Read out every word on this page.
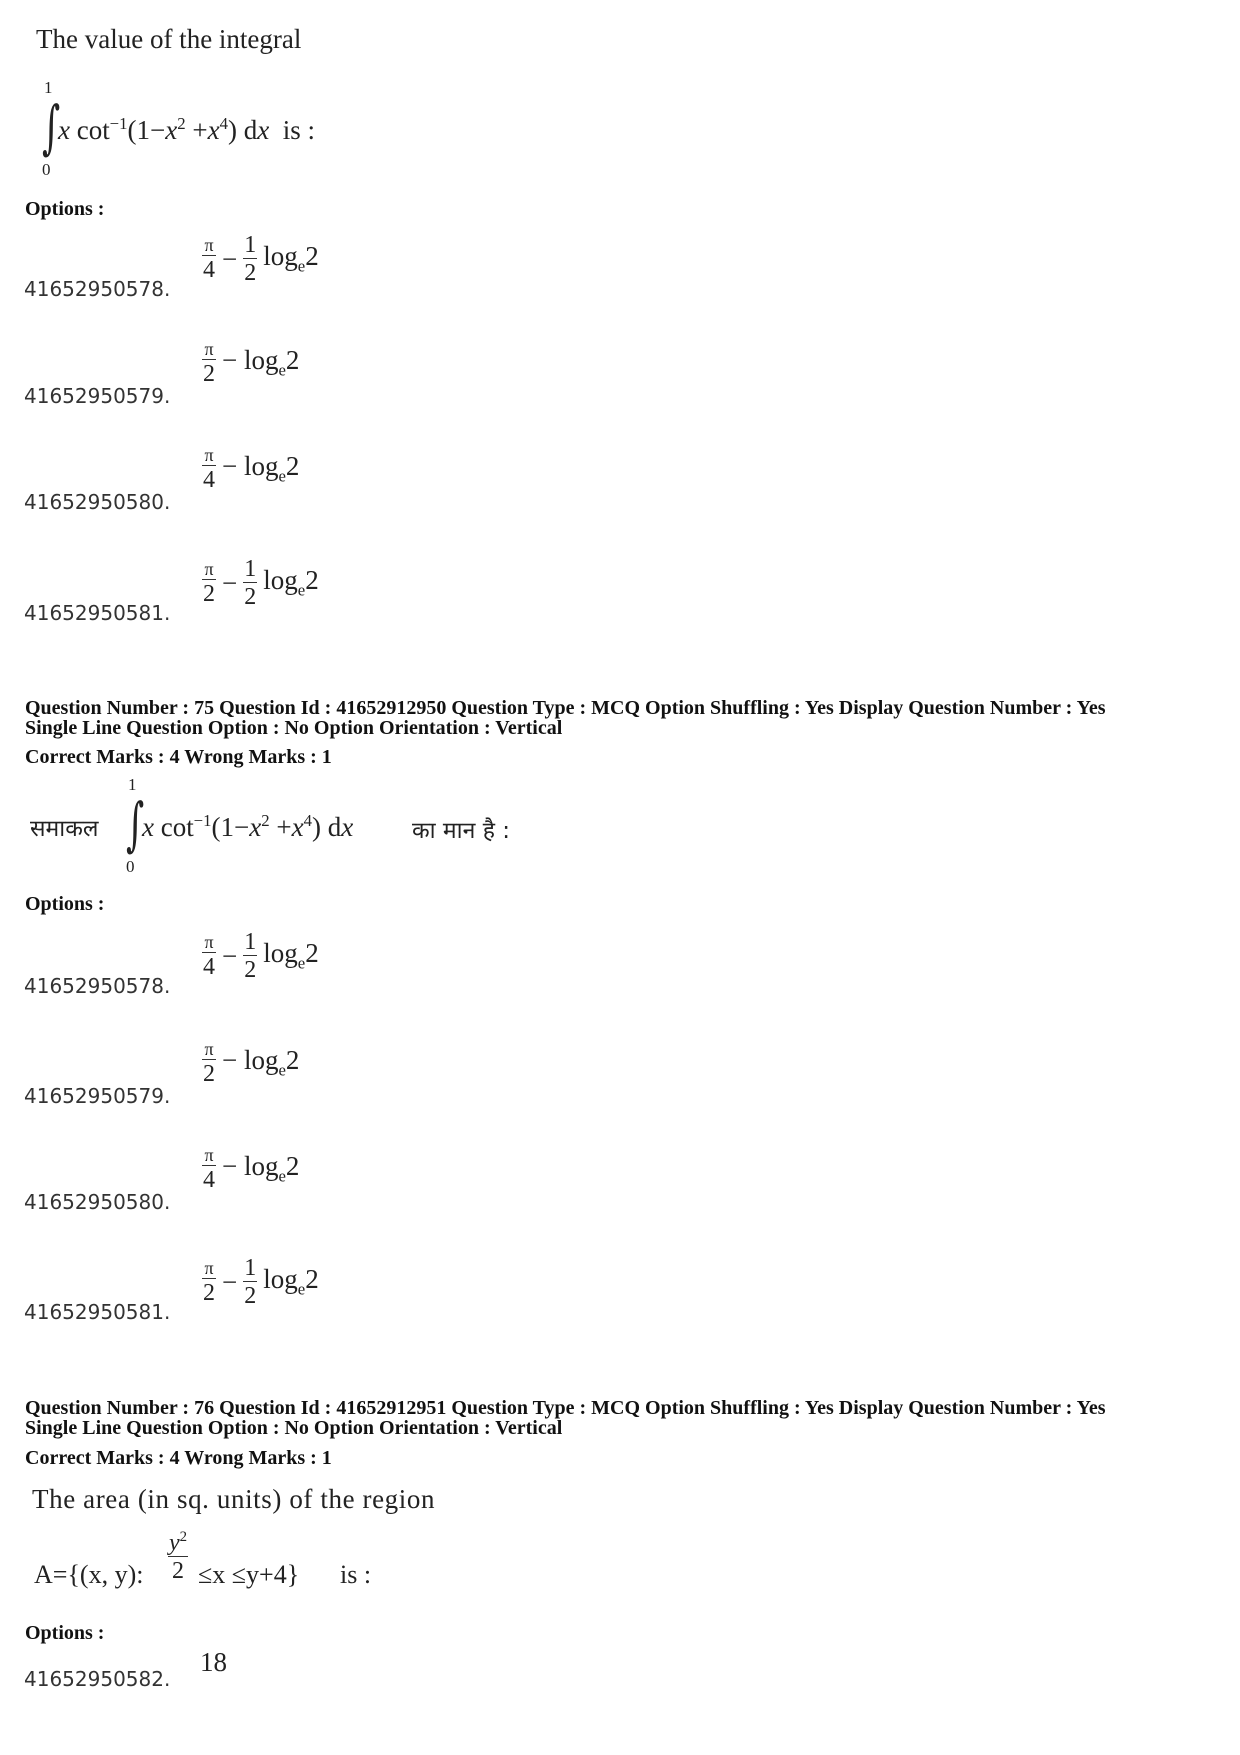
The value of the integral
1
∫
0
x $\cot^{-1}(1-x^2 +x^4)$ dx is :
Options :
41652950578.
$\frac{\pi}{4} - \frac{1}{2} \log_e2$
41652950579.
$\frac{\pi}{2} - \log_e2$
41652950580.
$\frac{\pi}{4} - \log_e2$
41652950581.
$\frac{\pi}{2} - \frac{1}{2} \log_e2$
Question Number : 75 Question Id : 41652912950 Question Type : MCQ Option Shuffling : Yes Display Question Number : Yes
Single Line Question Option : No Option Orientation : Vertical
Correct Marks : 4 Wrong Marks : 1
समाकल
1
∫
0
x $\cot^{-1}(1-x^2 +x^4)$ dx	का मान है :
Options :
41652950578.
$\frac{\pi}{4} - \frac{1}{2} \log_e2$
41652950579.
$\frac{\pi}{2} - \log_e2$
41652950580.
$\frac{\pi}{4} - \log_e2$
41652950581.
$\frac{\pi}{2} - \frac{1}{2} \log_e2$
Question Number : 76 Question Id : 41652912951 Question Type : MCQ Option Shuffling : Yes Display Question Number : Yes
Single Line Question Option : No Option Orientation : Vertical
Correct Marks : 4 Wrong Marks : 1
The area (in sq. units) of the region
A={(x, y): $\frac{y^2}{2} \le x \le y+4$} is :
Options :
41652950582.
18
